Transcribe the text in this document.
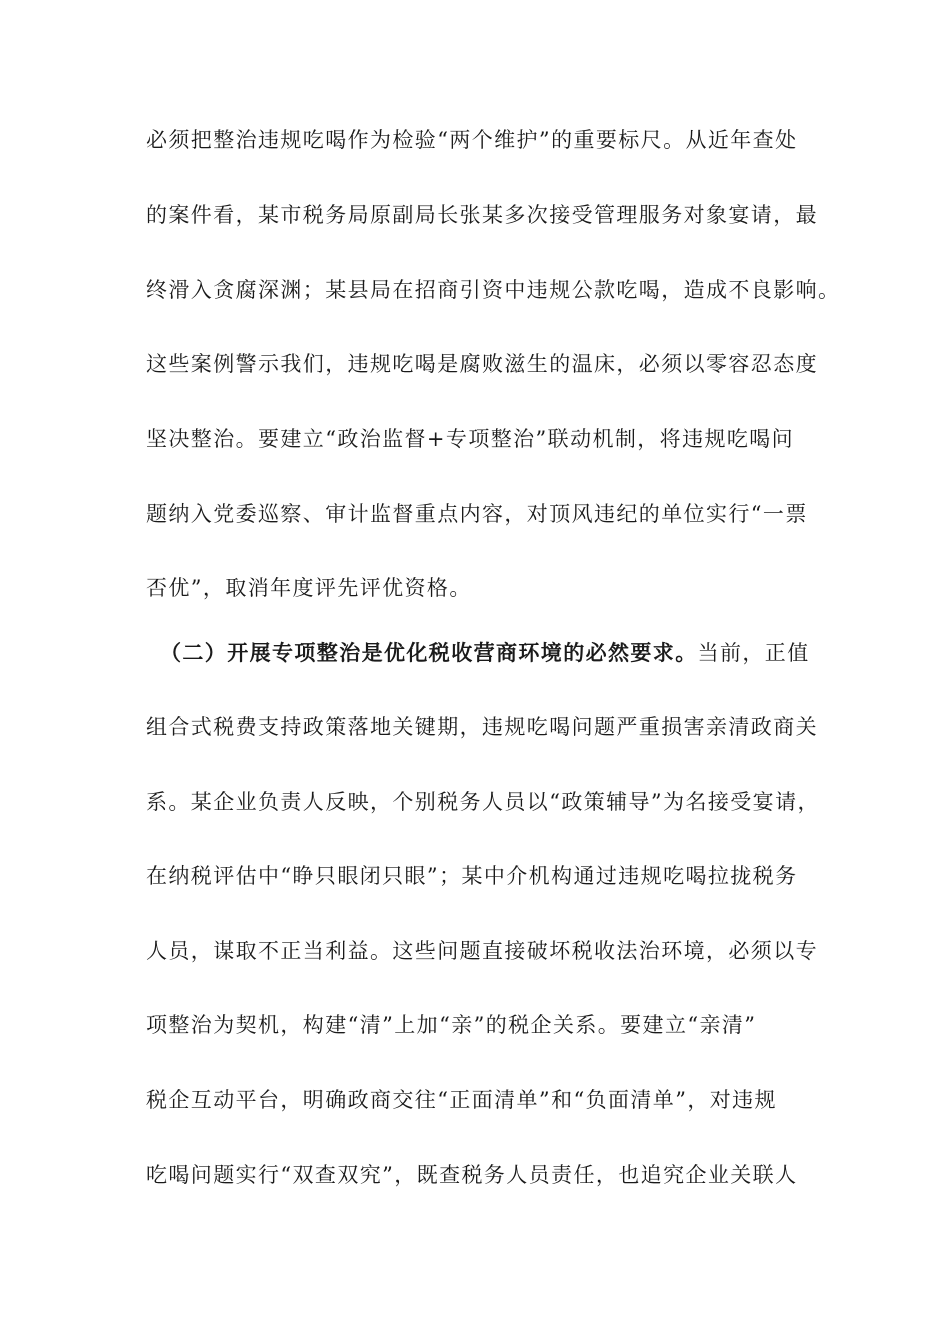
必须把整治违规吃喝作为检验“两个维护”的重要标尺。从近年查处
的案件看，某市税务局原副局长张某多次接受管理服务对象宴请，最
终滑入贪腐深渊；某县局在招商引资中违规公款吃喝，造成不良影响。
这些案例警示我们，违规吃喝是腐败滋生的温床，必须以零容忍态度
坚决整治。要建立“政治监督+专项整治”联动机制，将违规吃喝问
题纳入党委巡察、审计监督重点内容，对顶风违纪的单位实行“一票
否优”，取消年度评先评优资格。
（二）开展专项整治是优化税收营商环境的必然要求。当前，正值
组合式税费支持政策落地关键期，违规吃喝问题严重损害亲清政商关
系。某企业负责人反映，个别税务人员以“政策辅导”为名接受宴请，
在纳税评估中“睁只眼闭只眼”；某中介机构通过违规吃喝拉拢税务
人员，谋取不正当利益。这些问题直接破坏税收法治环境，必须以专
项整治为契机，构建“清”上加“亲”的税企关系。要建立“亲清”
税企互动平台，明确政商交往“正面清单”和“负面清单”，对违规
吃喝问题实行“双查双究”，既查税务人员责任，也追究企业关联人
